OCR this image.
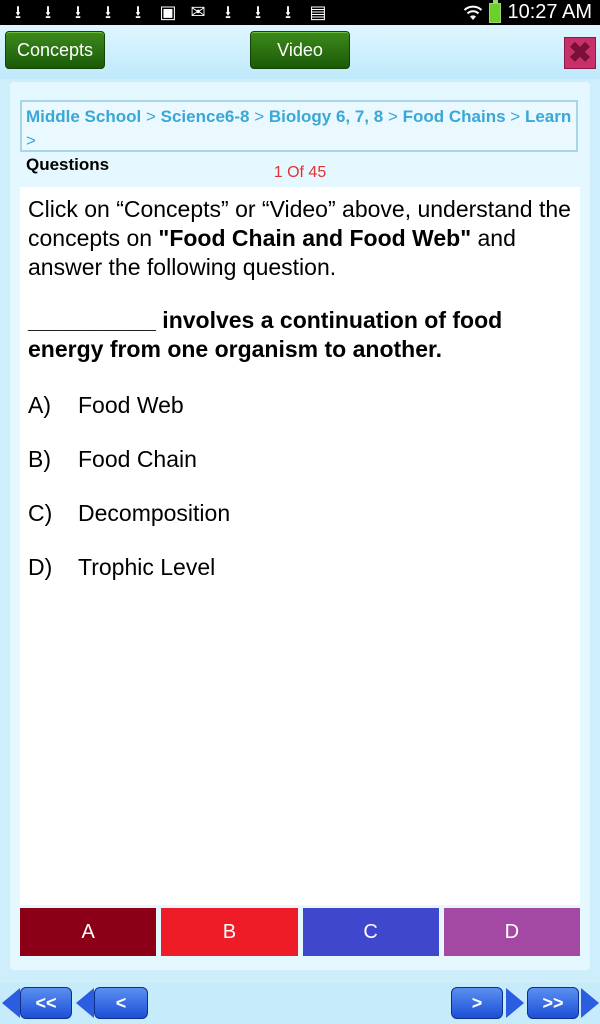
⭳	⭳	⭳	⭳	⭳	▣ ✉	⭳	⭳	⭳	▤	10:27 AM
Concepts	Video	✖
Middle School > Science6-8 > Biology 6, 7, 8 > Food Chains > Learn >
Questions	1 Of 45

Click on “Concepts” or “Video” above, understand the concepts on "Food Chain and Food Web" and answer the following question.

__________ involves a continuation of food energy from one organism to another.

A)	Food Web
B)	Food Chain
C)	Decomposition
D)	Trophic Level
A	B	C	D
<<	<	>	>>
